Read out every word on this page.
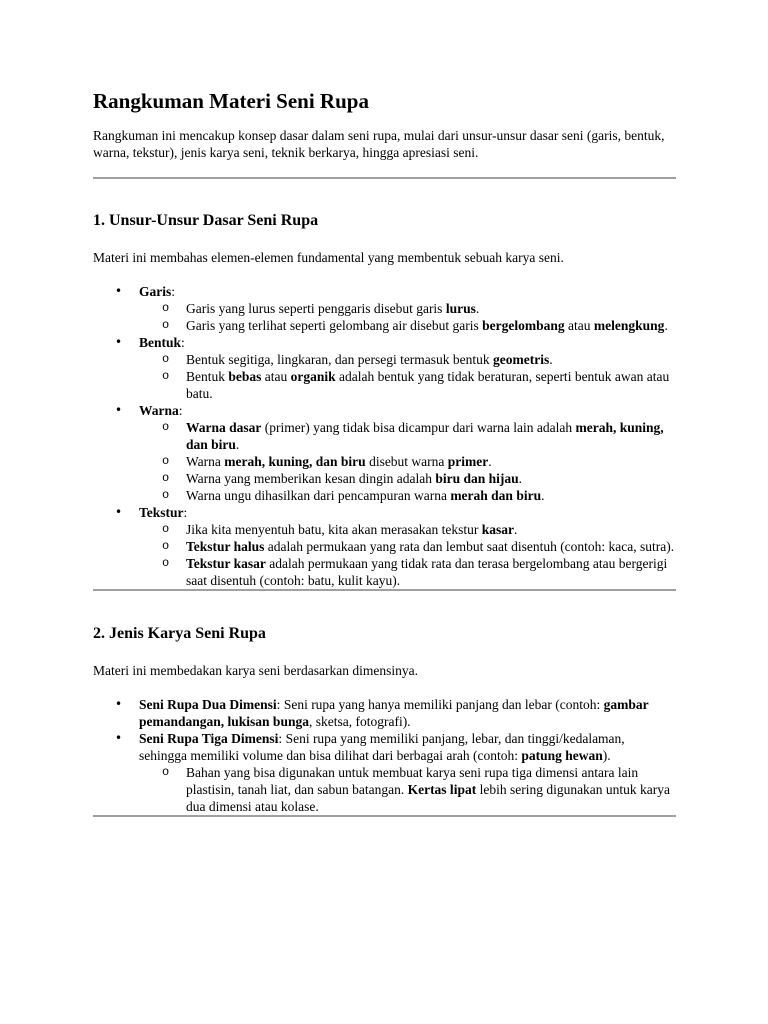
Rangkuman Materi Seni Rupa

Rangkuman ini mencakup konsep dasar dalam seni rupa, mulai dari unsur-unsur dasar seni (garis, bentuk, warna, tekstur), jenis karya seni, teknik berkarya, hingga apresiasi seni.

1. Unsur-Unsur Dasar Seni Rupa

Materi ini membahas elemen-elemen fundamental yang membentuk sebuah karya seni.

• Garis:
o Garis yang lurus seperti penggaris disebut garis lurus.
o Garis yang terlihat seperti gelombang air disebut garis bergelombang atau melengkung.
• Bentuk:
o Bentuk segitiga, lingkaran, dan persegi termasuk bentuk geometris.
o Bentuk bebas atau organik adalah bentuk yang tidak beraturan, seperti bentuk awan atau batu.
• Warna:
o Warna dasar (primer) yang tidak bisa dicampur dari warna lain adalah merah, kuning, dan biru.
o Warna merah, kuning, dan biru disebut warna primer.
o Warna yang memberikan kesan dingin adalah biru dan hijau.
o Warna ungu dihasilkan dari pencampuran warna merah dan biru.
• Tekstur:
o Jika kita menyentuh batu, kita akan merasakan tekstur kasar.
o Tekstur halus adalah permukaan yang rata dan lembut saat disentuh (contoh: kaca, sutra).
o Tekstur kasar adalah permukaan yang tidak rata dan terasa bergelombang atau bergerigi saat disentuh (contoh: batu, kulit kayu).
2. Jenis Karya Seni Rupa

Materi ini membedakan karya seni berdasarkan dimensinya.

• Seni Rupa Dua Dimensi: Seni rupa yang hanya memiliki panjang dan lebar (contoh: gambar pemandangan, lukisan bunga, sketsa, fotografi).
• Seni Rupa Tiga Dimensi: Seni rupa yang memiliki panjang, lebar, dan tinggi/kedalaman, sehingga memiliki volume dan bisa dilihat dari berbagai arah (contoh: patung hewan).
o Bahan yang bisa digunakan untuk membuat karya seni rupa tiga dimensi antara lain plastisin, tanah liat, dan sabun batangan. Kertas lipat lebih sering digunakan untuk karya dua dimensi atau kolase.
